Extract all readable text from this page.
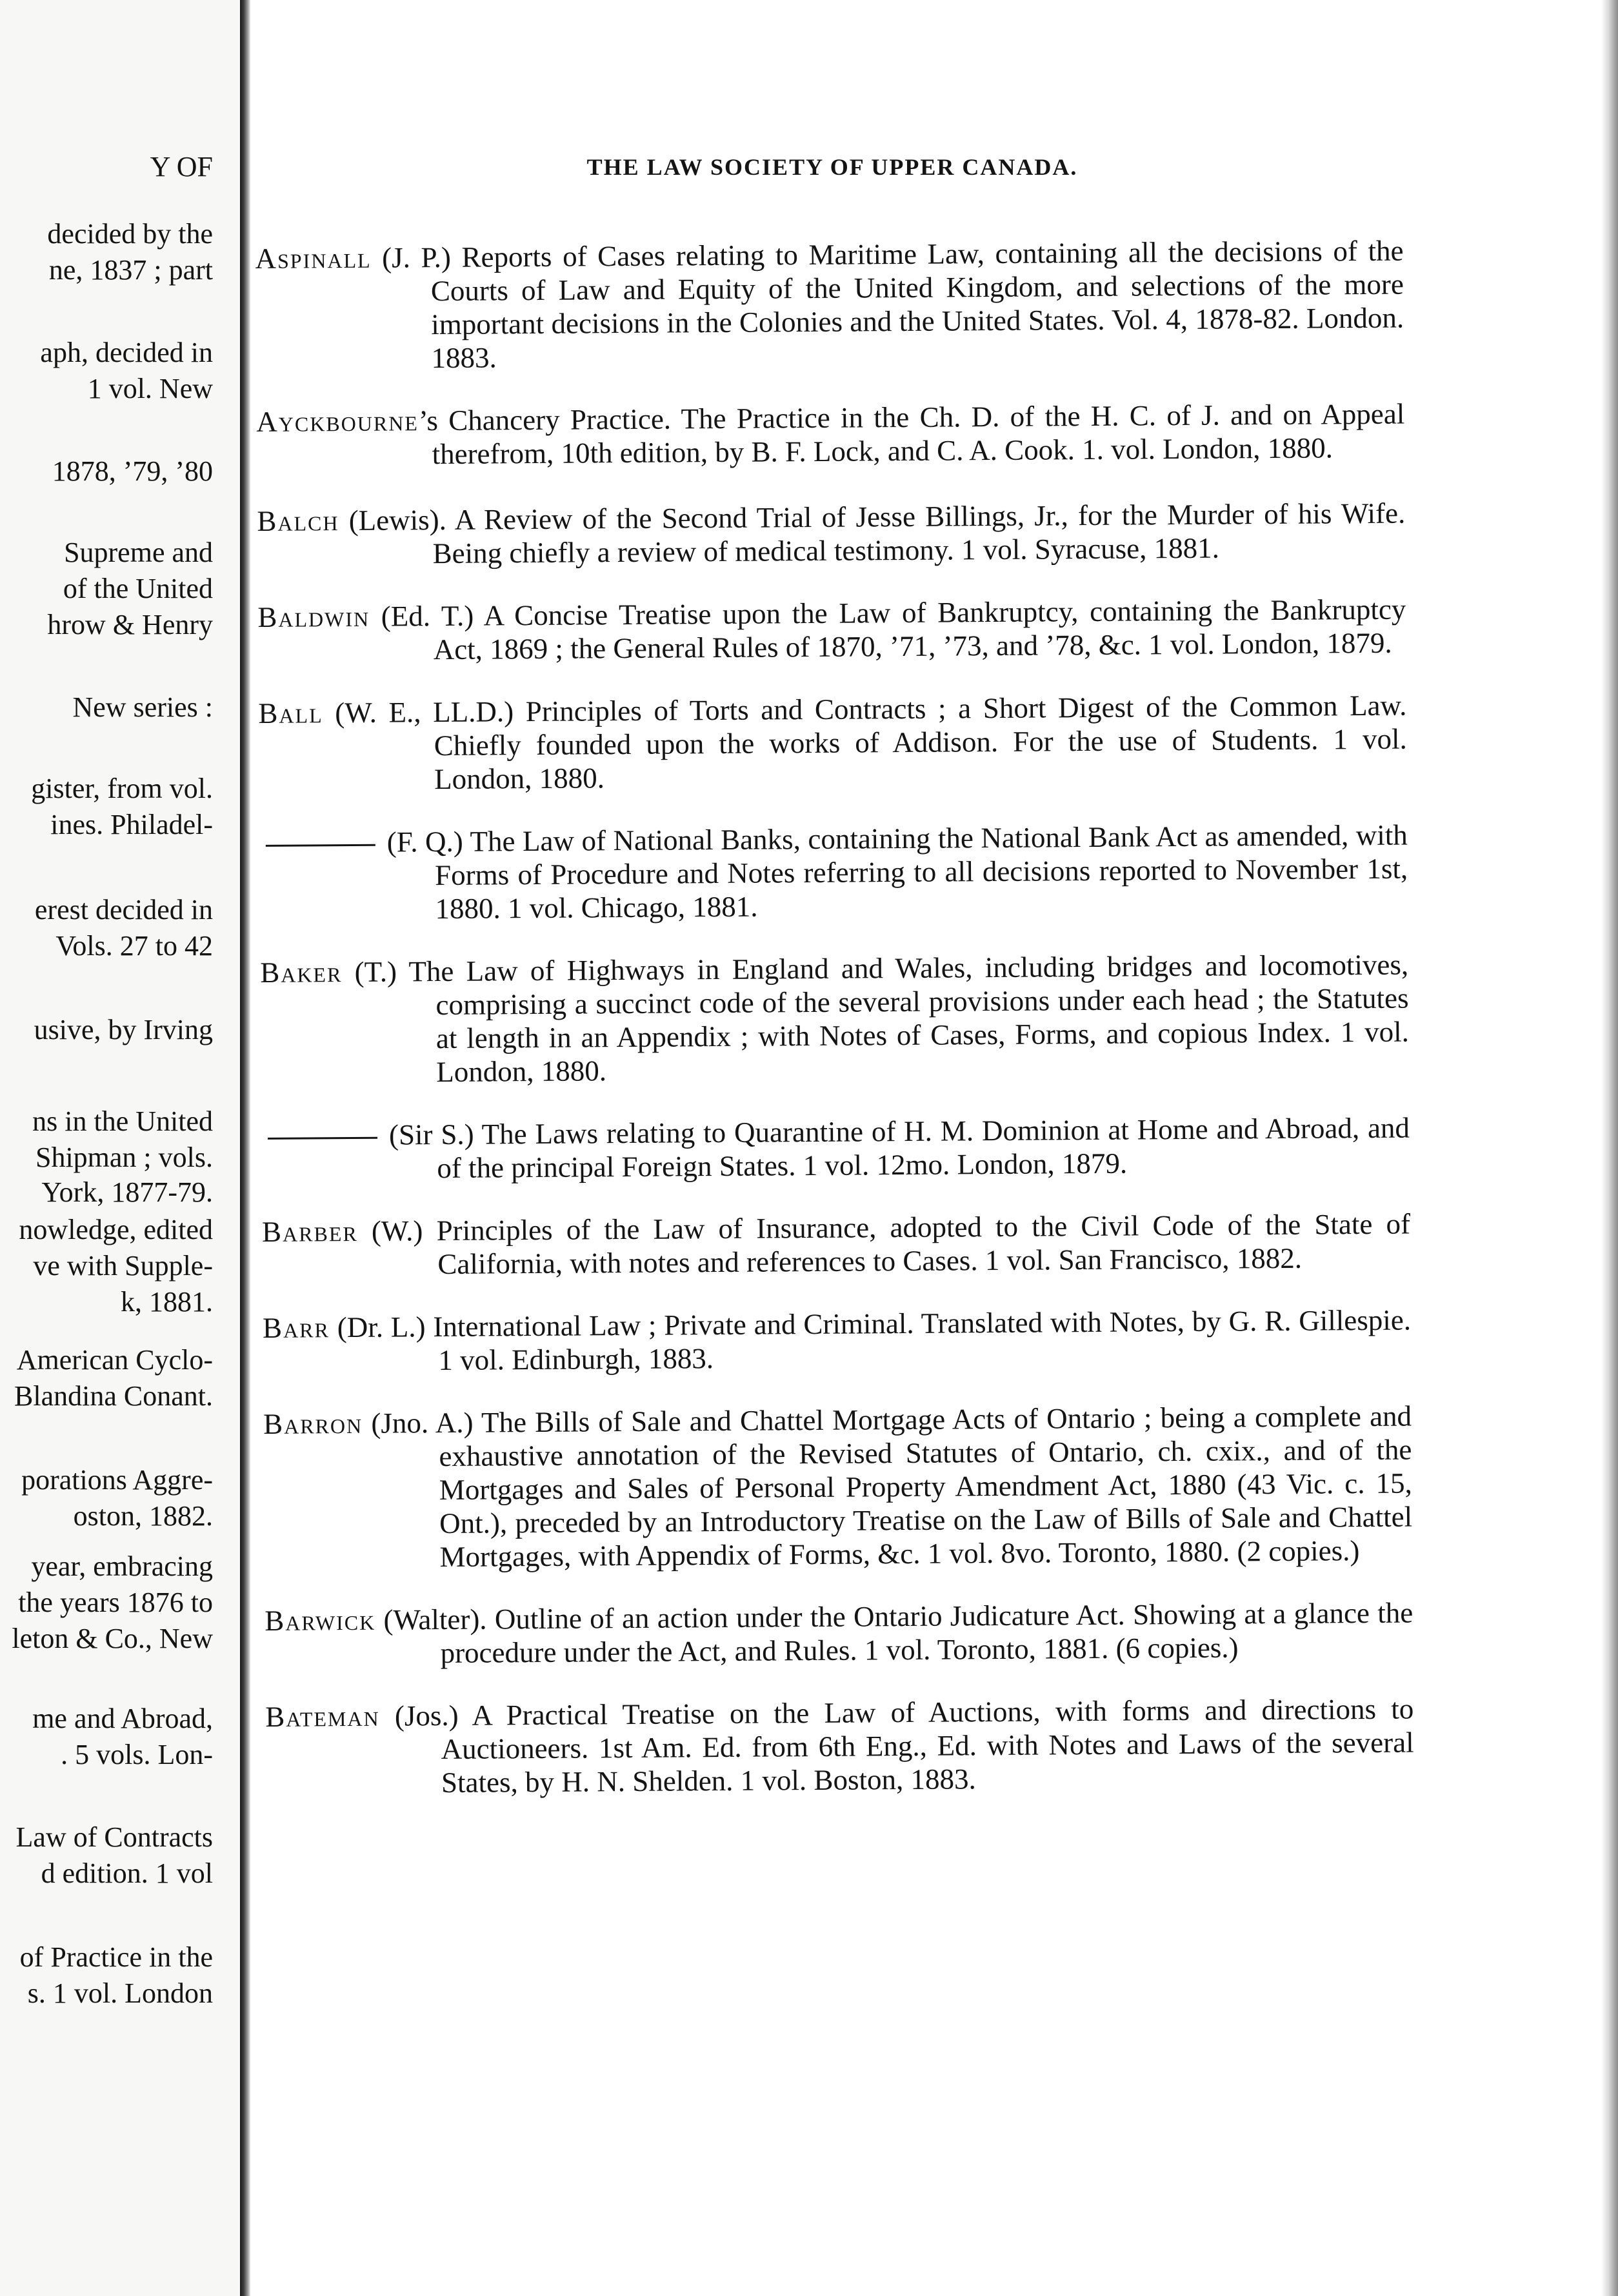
Y OF
decided by the
ne, 1837 ; part
aph, decided in
1 vol. New
1878, ’79, ’80
Supreme and
of the United
hrow & Henry
New series :
gister, from vol.
ines. Philadel-
erest decided in
Vols. 27 to 42
usive, by Irving
ns in the United
Shipman ; vols.
York, 1877-79.
nowledge, edited
ve with Supple-
k, 1881.
American Cyclo-
Blandina Conant.
porations Aggre-
oston, 1882.
year, embracing
the years 1876 to
leton & Co., New
me and Abroad,
. 5 vols. Lon-
Law of Contracts
d edition. 1 vol
of Practice in the
s. 1 vol. London
THE LAW SOCIETY OF UPPER CANADA.

Aspinall (J. P.) Reports of Cases relating to Maritime Law, containing all the decisions of the Courts of Law and Equity of the United Kingdom, and selections of the more important decisions in the Colonies and the United States. Vol. 4, 1878-82. London. 1883.

Ayckbourne’s Chancery Practice. The Practice in the Ch. D. of the H. C. of J. and on Appeal therefrom, 10th edition, by B. F. Lock, and C. A. Cook. 1. vol. London, 1880.

Balch (Lewis). A Review of the Second Trial of Jesse Billings, Jr., for the Murder of his Wife. Being chiefly a review of medical testimony. 1 vol. Syracuse, 1881.

Baldwin (Ed. T.) A Concise Treatise upon the Law of Bankruptcy, containing the Bankruptcy Act, 1869 ; the General Rules of 1870, ’71, ’73, and ’78, &c. 1 vol. London, 1879.

Ball (W. E., LL.D.) Principles of Torts and Contracts ; a Short Digest of the Common Law. Chiefly founded upon the works of Addison. For the use of Students. 1 vol. London, 1880.

(F. Q.) The Law of National Banks, containing the National Bank Act as amended, with Forms of Procedure and Notes referring to all decisions reported to November 1st, 1880. 1 vol. Chicago, 1881.

Baker (T.) The Law of Highways in England and Wales, including bridges and locomotives, comprising a succinct code of the several provisions under each head ; the Statutes at length in an Appendix ; with Notes of Cases, Forms, and copious Index. 1 vol. London, 1880.

(Sir S.) The Laws relating to Quarantine of H. M. Dominion at Home and Abroad, and of the principal Foreign States. 1 vol. 12mo. London, 1879.

Barber (W.) Principles of the Law of Insurance, adopted to the Civil Code of the State of California, with notes and references to Cases. 1 vol. San Francisco, 1882.

Barr (Dr. L.) International Law ; Private and Criminal. Translated with Notes, by G. R. Gillespie. 1 vol. Edinburgh, 1883.

Barron (Jno. A.) The Bills of Sale and Chattel Mortgage Acts of Ontario ; being a complete and exhaustive annotation of the Revised Statutes of Ontario, ch. cxix., and of the Mortgages and Sales of Personal Property Amendment Act, 1880 (43 Vic. c. 15, Ont.), preceded by an Introductory Treatise on the Law of Bills of Sale and Chattel Mortgages, with Appendix of Forms, &c. 1 vol. 8vo. Toronto, 1880. (2 copies.)

Barwick (Walter). Outline of an action under the Ontario Judicature Act. Showing at a glance the procedure under the Act, and Rules. 1 vol. Toronto, 1881. (6 copies.)

Bateman (Jos.) A Practical Treatise on the Law of Auctions, with forms and directions to Auctioneers. 1st Am. Ed. from 6th Eng., Ed. with Notes and Laws of the several States, by H. N. Shelden. 1 vol. Boston, 1883.
